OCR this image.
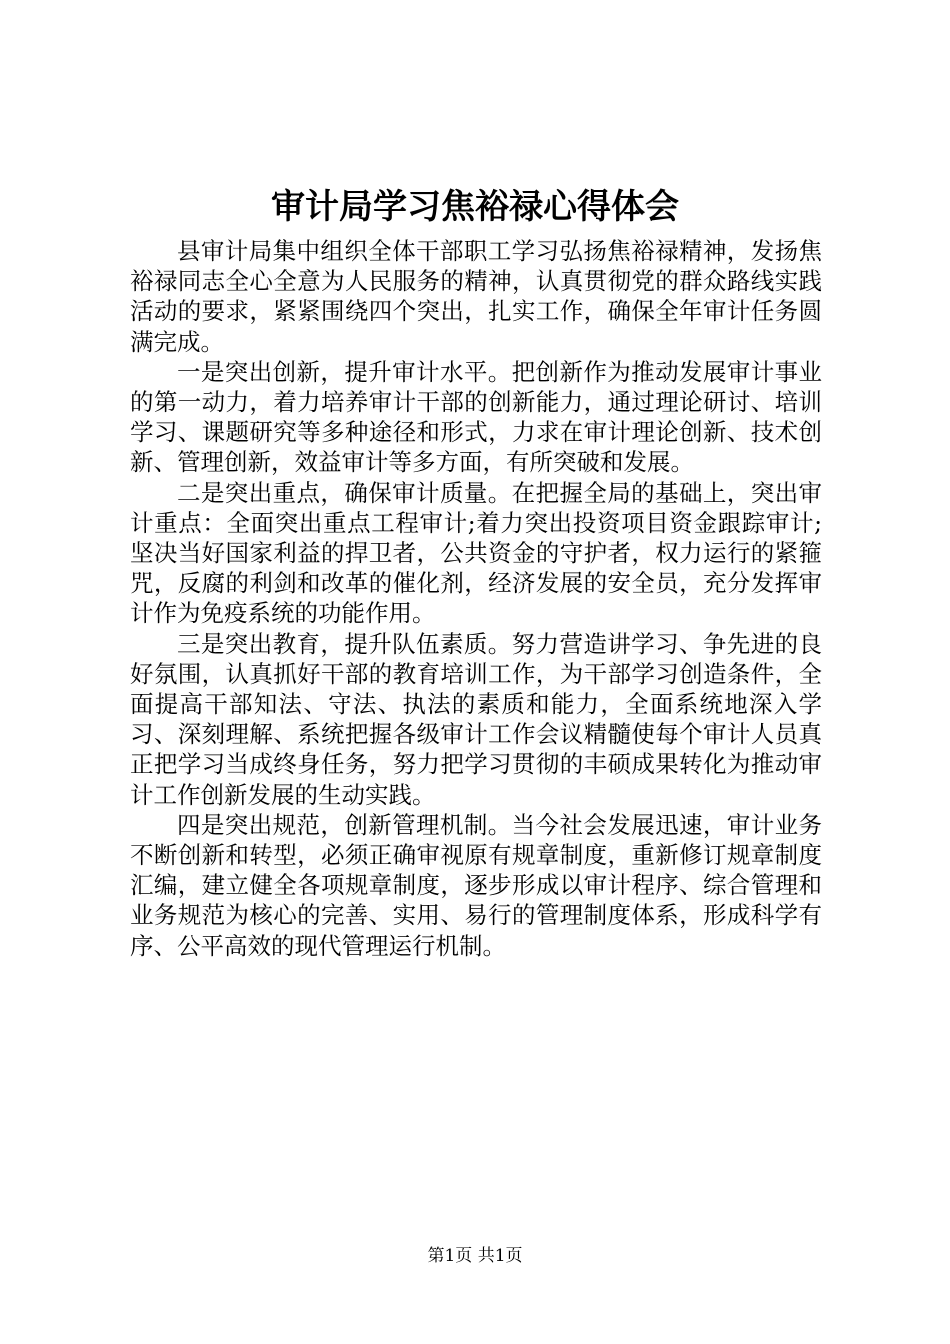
审计局学习焦裕禄心得体会

县审计局集中组织全体干部职工学习弘扬焦裕禄精神，发扬焦裕禄同志全心全意为人民服务的精神，认真贯彻党的群众路线实践活动的要求，紧紧围绕四个突出，扎实工作，确保全年审计任务圆满完成。

一是突出创新，提升审计水平。把创新作为推动发展审计事业的第一动力，着力培养审计干部的创新能力，通过理论研讨、培训学习、课题研究等多种途径和形式，力求在审计理论创新、技术创新、管理创新，效益审计等多方面，有所突破和发展。

二是突出重点，确保审计质量。在把握全局的基础上，突出审计重点：全面突出重点工程审计;着力突出投资项目资金跟踪审计;坚决当好国家利益的捍卫者，公共资金的守护者，权力运行的紧箍咒，反腐的利剑和改革的催化剂，经济发展的安全员，充分发挥审计作为免疫系统的功能作用。

三是突出教育，提升队伍素质。努力营造讲学习、争先进的良好氛围，认真抓好干部的教育培训工作，为干部学习创造条件，全面提高干部知法、守法、执法的素质和能力，全面系统地深入学习、深刻理解、系统把握各级审计工作会议精髓使每个审计人员真正把学习当成终身任务，努力把学习贯彻的丰硕成果转化为推动审计工作创新发展的生动实践。

四是突出规范，创新管理机制。当今社会发展迅速，审计业务不断创新和转型，必须正确审视原有规章制度，重新修订规章制度汇编，建立健全各项规章制度，逐步形成以审计程序、综合管理和业务规范为核心的完善、实用、易行的管理制度体系，形成科学有序、公平高效的现代管理运行机制。

第1页 共1页
